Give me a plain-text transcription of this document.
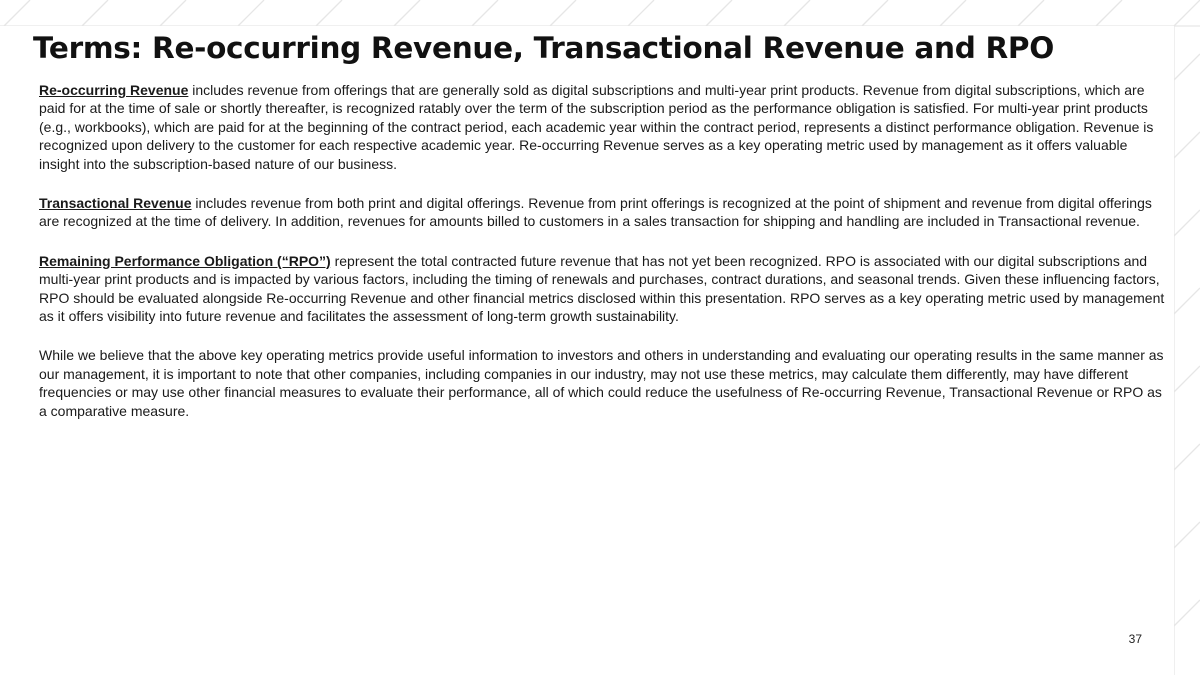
Terms: Re-occurring Revenue, Transactional Revenue and RPO

Re-occurring Revenue includes revenue from offerings that are generally sold as digital subscriptions and multi-year print products. Revenue from digital subscriptions, which are paid for at the time of sale or shortly thereafter, is recognized ratably over the term of the subscription period as the performance obligation is satisfied. For multi-year print products (e.g., workbooks), which are paid for at the beginning of the contract period, each academic year within the contract period, represents a distinct performance obligation. Revenue is recognized upon delivery to the customer for each respective academic year. Re-occurring Revenue serves as a key operating metric used by management as it offers valuable insight into the subscription-based nature of our business.

Transactional Revenue includes revenue from both print and digital offerings. Revenue from print offerings is recognized at the point of shipment and revenue from digital offerings are recognized at the time of delivery. In addition, revenues for amounts billed to customers in a sales transaction for shipping and handling are included in Transactional revenue.

Remaining Performance Obligation (“RPO”) represent the total contracted future revenue that has not yet been recognized. RPO is associated with our digital subscriptions and multi-year print products and is impacted by various factors, including the timing of renewals and purchases, contract durations, and seasonal trends. Given these influencing factors, RPO should be evaluated alongside Re-occurring Revenue and other financial metrics disclosed within this presentation. RPO serves as a key operating metric used by management as it offers visibility into future revenue and facilitates the assessment of long-term growth sustainability.

While we believe that the above key operating metrics provide useful information to investors and others in understanding and evaluating our operating results in the same manner as our management, it is important to note that other companies, including companies in our industry, may not use these metrics, may calculate them differently, may have different frequencies or may use other financial measures to evaluate their performance, all of which could reduce the usefulness of Re-occurring Revenue, Transactional Revenue or RPO as a comparative measure.

37
